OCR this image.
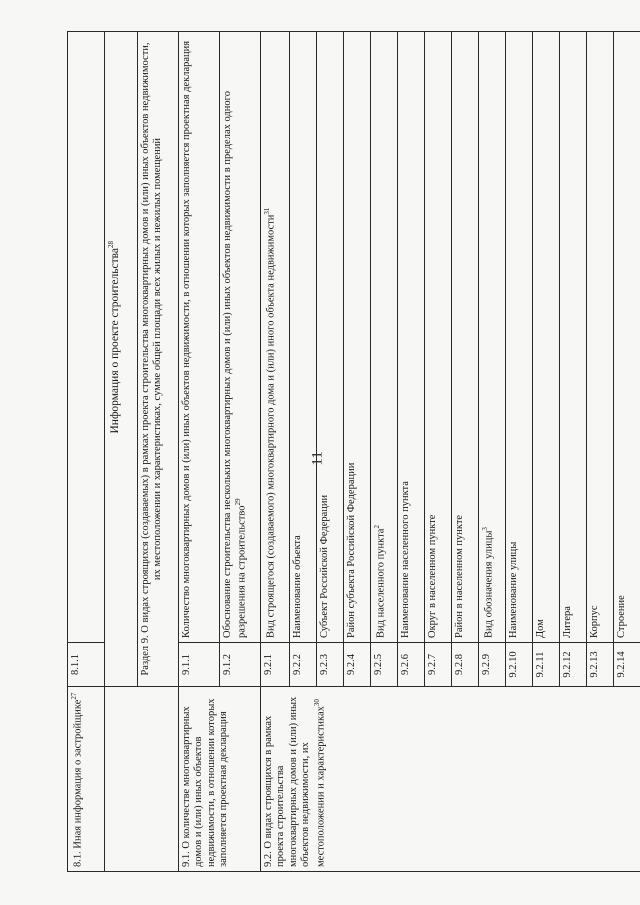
11
8.1. Иная информация о застройщике$^{27}$	8.1.1	
		Информация о проекте строительства$^{28}$
	Раздел 9. О видах строящихся (создаваемых) в рамках проекта строительства многоквартирных домов и (или) иных объектов недвижимости, их местоположении и характеристиках, сумме общей площади всех жилых и нежилых помещений	
9.1. О количестве многоквартирных домов и (или) иных объектов недвижимости, в отношении которых заполняется проектная декларация	9.1.1	Количество многоквартирных домов и (или) иных объектов недвижимости, в отношении которых заполняется проектная декларация
	9.1.2	Обоснование строительства нескольких многоквартирных домов и (или) иных объектов недвижимости в пределах одного разрешения на строительство$^{29}$
9.2. О видах строящихся в рамках проекта строительства многоквартирных домов и (или) иных объектов недвижимости, их местоположении и характеристиках$^{30}$	9.2.1	Вид строящегося (создаваемого) многоквартирного дома и (или) иного объекта недвижимости$^{31}$
	9.2.2	Наименование объекта
	9.2.3	Субъект Российской Федерации
	9.2.4	Район субъекта Российской Федерации
	9.2.5	Вид населенного пункта$^2$
	9.2.6	Наименование населенного пункта
	9.2.7	Округ в населенном пункте
	9.2.8	Район в населенном пункте
	9.2.9	Вид обозначения улицы$^3$
	9.2.10	Наименование улицы
	9.2.11	Дом
	9.2.12	Литера
	9.2.13	Корпус
	9.2.14	Строение
